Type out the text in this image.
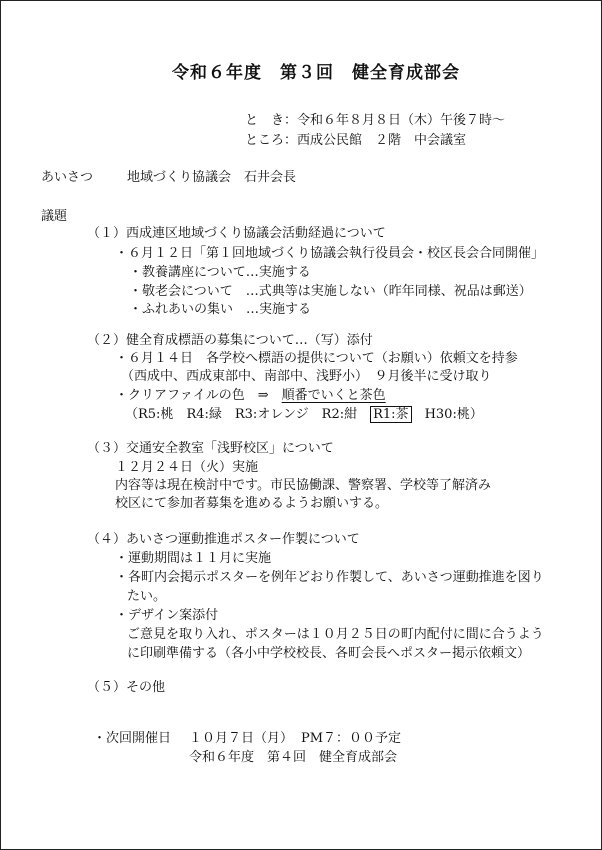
令和６年度　第３回　健全育成部会
と　き：令和６年８月８日（木）午後７時～
ところ：西成公民館　２階　中会議室
あいさつ	地域づくり協議会　石井会長
議題
（１）西成連区地域づくり協議会活動経過について
・６月１２日「第１回地域づくり協議会執行役員会・校区長会合同開催」
・教養講座について…実施する
・敬老会について　…式典等は実施しない（昨年同様、祝品は郵送）
・ふれあいの集い　…実施する
（２）健全育成標語の募集について…（写）添付
・６月１４日　各学校へ標語の提供について（お願い）依頼文を持参
（西成中、西成東部中、南部中、浅野小）　９月後半に受け取り
・クリアファイルの色　⇒　順番でいくと茶色
（R5:桃　R4:緑　R3:オレンジ　R2:紺　R1:茶　H30:桃）
（３）交通安全教室「浅野校区」について
１２月２４日（火）実施
内容等は現在検討中です。市民協働課、警察署、学校等了解済み
校区にて参加者募集を進めるようお願いする。
（４）あいさつ運動推進ポスター作製について
・運動期間は１１月に実施
・各町内会掲示ポスターを例年どおり作製して、あいさつ運動推進を図り
たい。
・デザイン案添付
ご意見を取り入れ、ポスターは１０月２５日の町内配付に間に合うよう
に印刷準備する（各小中学校校長、各町会長へポスター掲示依頼文）
（５）その他
・次回開催日 １０月７日（月） PM７：００予定
令和６年度　第４回　健全育成部会
